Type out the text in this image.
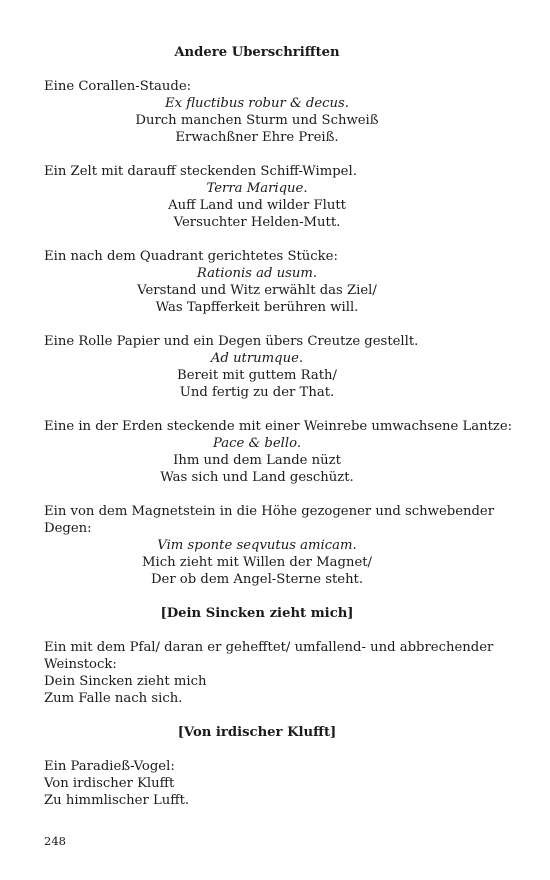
Andere Uberschrifften

Eine Corallen-Staude:

Ex fluctibus robur & decus.

Durch manchen Sturm und Schweiß

Erwachßner Ehre Preiß.

Ein Zelt mit darauff steckenden Schiff-Wimpel.

Terra Marique.

Auff Land und wilder Flutt

Versuchter Helden-Mutt.

Ein nach dem Quadrant gerichtetes Stücke:

Rationis ad usum.

Verstand und Witz erwählt das Ziel/

Was Tapfferkeit berühren will.

Eine Rolle Papier und ein Degen übers Creutze gestellt.

Ad utrumque.

Bereit mit guttem Rath/

Und fertig zu der That.

Eine in der Erden steckende mit einer Weinrebe umwachsene Lantze:

Pace & bello.

Ihm und dem Lande nüzt

Was sich und Land geschüzt.

Ein von dem Magnetstein in die Höhe gezogener und schwebender

Degen:

Vim sponte seqvutus amicam.

Mich zieht mit Willen der Magnet/

Der ob dem Angel-Sterne steht.

[Dein Sincken zieht mich]

Ein mit dem Pfal/ daran er gehefftet/ umfallend- und abbrechender

Weinstock:

Dein Sincken zieht mich

Zum Falle nach sich.

[Von irdischer Klufft]

Ein Paradieß-Vogel:

Von irdischer Klufft

Zu himmlischer Lufft.

248
